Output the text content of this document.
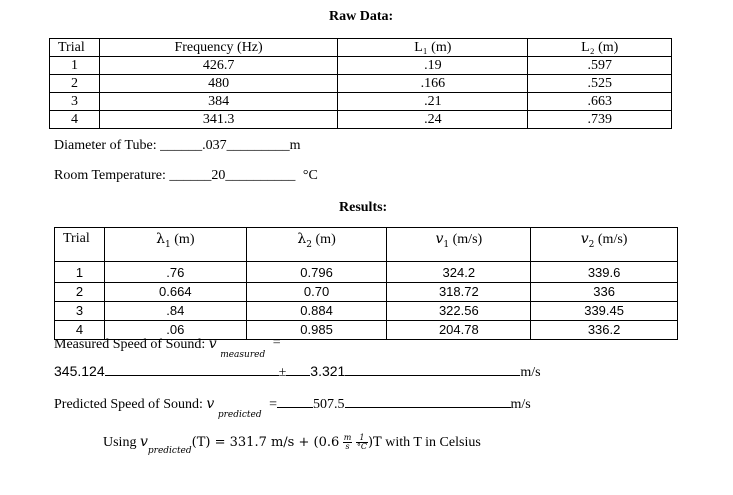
Raw Data:
Trial	Frequency (Hz)	L₁ (m)	L₂ (m)
1	426.7	.19	.597
2	480	.166	.525
3	384	.21	.663
4	341.3	.24	.739
Diameter of Tube: ______.037_________m
Room Temperature: ______20__________ °C
Results:
Trial	$\lambda_1$ (m)	$\lambda_2$ (m)	$v_1$ (m/s)	$v_2$ (m/s)
1	.76	0.796	324.2	339.6
2	0.664	0.70	318.72	336
3	.84	0.884	322.56	339.45
4	.06	0.985	204.78	336.2
Measured Speed of Sound: v $_{measured}$ =
345.124	± 3.321	m/s
Predicted Speed of Sound: v $_{predicted}$ =	507.5	m/s
Using $v_{predicted}(T) = 331.7$ $m/s + (0.6 \frac{m}{s}$
$\frac{1}{^\circ C} )T$ with T in Celsius
